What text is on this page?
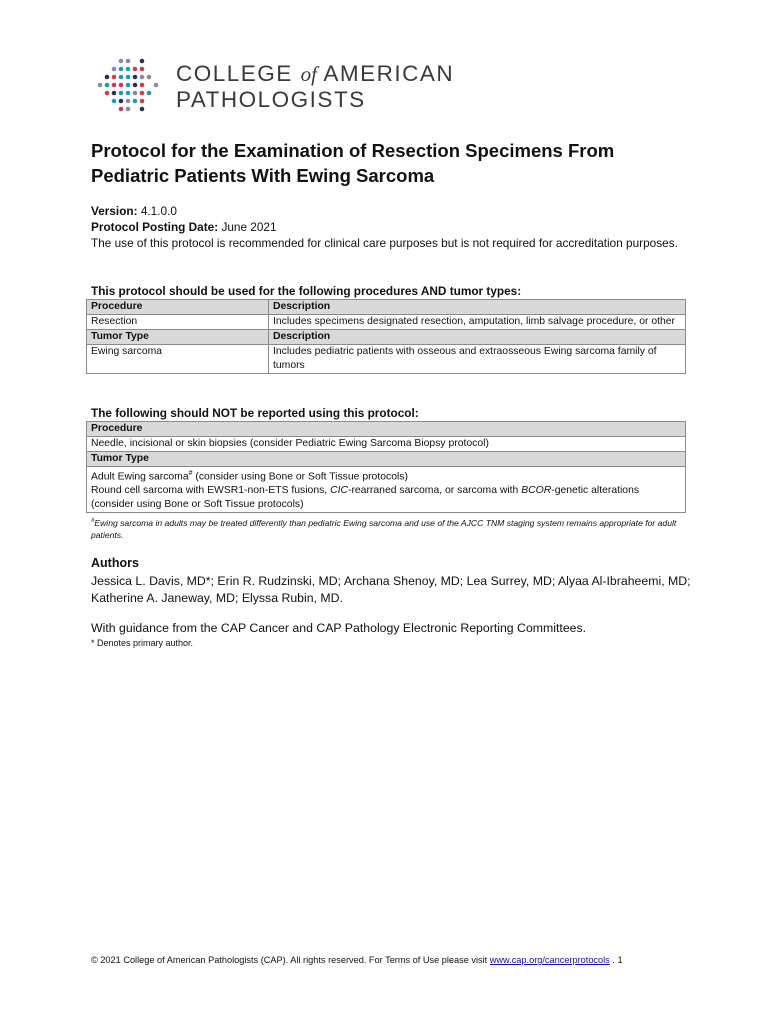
COLLEGE of AMERICAN
PATHOLOGISTS
Protocol for the Examination of Resection Specimens From Pediatric Patients With Ewing Sarcoma
Version: 4.1.0.0
Protocol Posting Date: June 2021
The use of this protocol is recommended for clinical care purposes but is not required for accreditation purposes.
This protocol should be used for the following procedures AND tumor types:
Procedure	Description
Resection	Includes specimens designated resection, amputation, limb salvage procedure, or other
Tumor Type	Description
Ewing sarcoma	Includes pediatric patients with osseous and extraosseous Ewing sarcoma family of tumors
The following should NOT be reported using this protocol:
Procedure
Needle, incisional or skin biopsies (consider Pediatric Ewing Sarcoma Biopsy protocol)
Tumor Type

Adult Ewing sarcoma# (consider using Bone or Soft Tissue protocols)
Round cell sarcoma with EWSR1-non-ETS fusions, CIC-rearraned sarcoma, or sarcoma with BCOR-genetic alterations (consider using Bone or Soft Tissue protocols)
#Ewing sarcoma in adults may be treated differently than pediatric Ewing sarcoma and use of the AJCC TNM staging system remains appropriate for adult patients.
Authors
Jessica L. Davis, MD*; Erin R. Rudzinski, MD; Archana Shenoy, MD; Lea Surrey, MD; Alyaa Al-Ibraheemi, MD; Katherine A. Janeway, MD; Elyssa Rubin, MD.
With guidance from the CAP Cancer and CAP Pathology Electronic Reporting Committees.
* Denotes primary author.
© 2021 College of American Pathologists (CAP). All rights reserved. For Terms of Use please visit www.cap.org/cancerprotocols . 1
